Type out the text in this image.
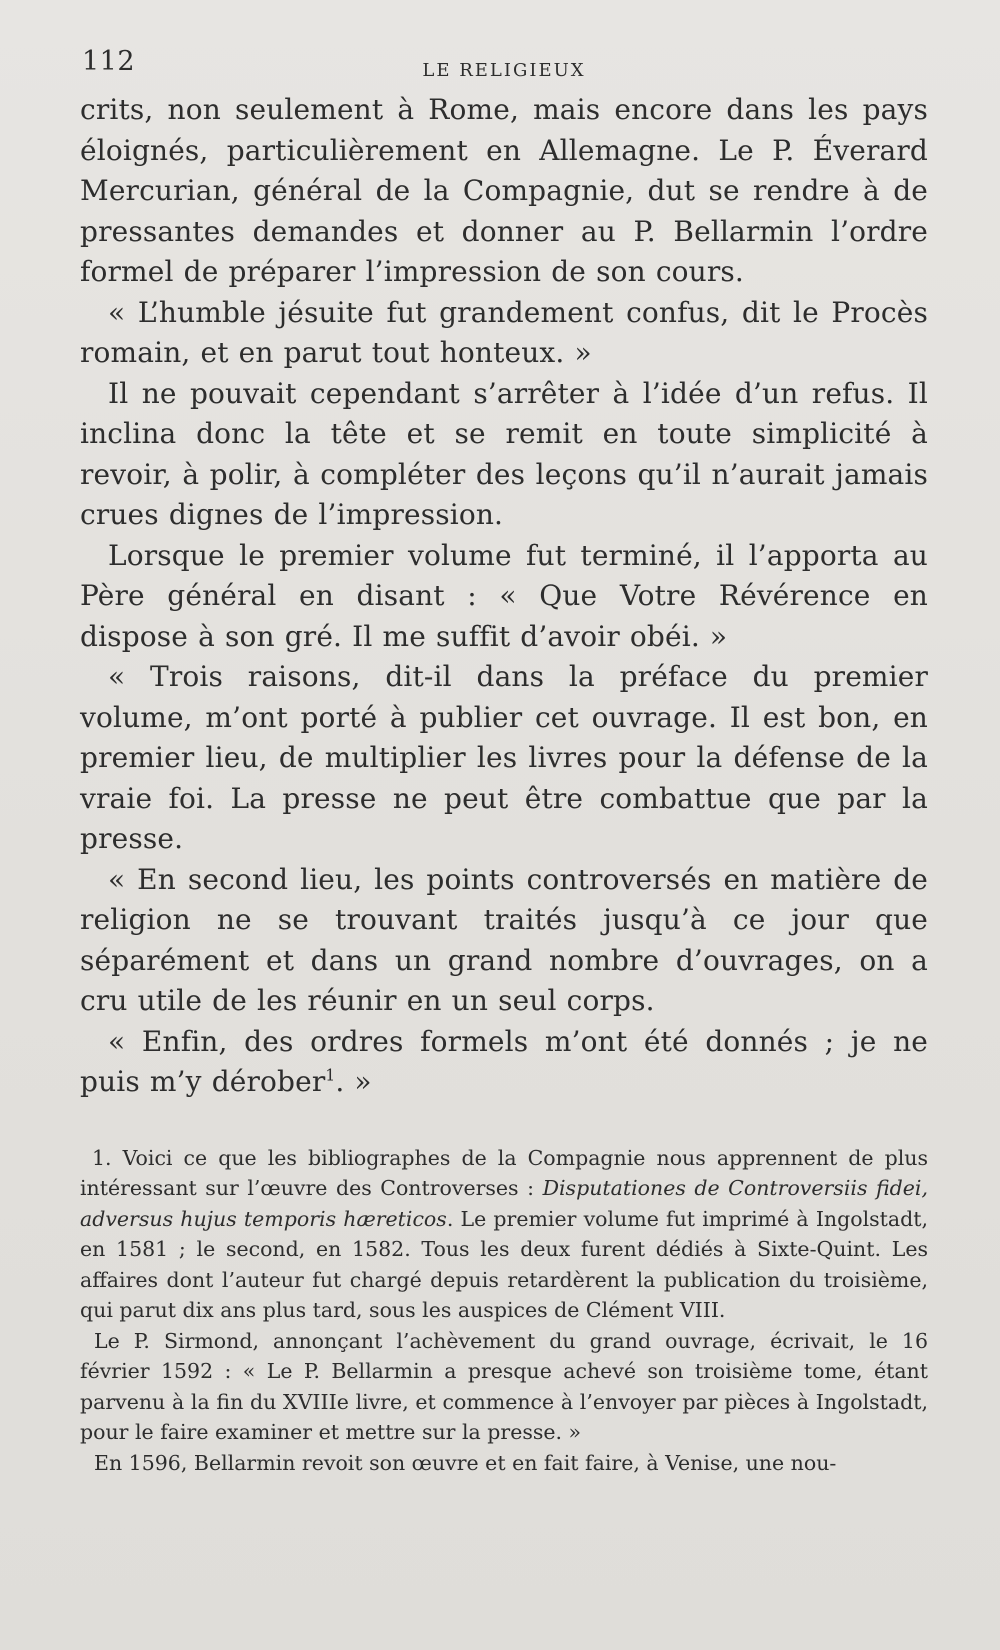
112	LE RELIGIEUX

crits, non seulement à Rome, mais encore dans les pays éloignés, particulièrement en Allemagne. Le P. Éverard Mercurian, général de la Compagnie, dut se rendre à de pressantes demandes et donner au P. Bellarmin l’ordre formel de préparer l’impression de son cours.

« L’humble jésuite fut grandement confus, dit le Procès romain, et en parut tout honteux. »

Il ne pouvait cependant s’arrêter à l’idée d’un refus. Il inclina donc la tête et se remit en toute simplicité à revoir, à polir, à compléter des leçons qu’il n’aurait jamais crues dignes de l’impression.

Lorsque le premier volume fut terminé, il l’apporta au Père général en disant : « Que Votre Révérence en dispose à son gré. Il me suffit d’avoir obéi. »

« Trois raisons, dit-il dans la préface du premier volume, m’ont porté à publier cet ouvrage. Il est bon, en premier lieu, de multiplier les livres pour la défense de la vraie foi. La presse ne peut être combattue que par la presse.

« En second lieu, les points controversés en matière de religion ne se trouvant traités jusqu’à ce jour que séparément et dans un grand nombre d’ouvrages, on a cru utile de les réunir en un seul corps.

« Enfin, des ordres formels m’ont été donnés ; je ne puis m’y dérober$^1$. »

1. Voici ce que les bibliographes de la Compagnie nous apprennent de plus intéressant sur l’œuvre des Controverses : Disputationes de Controversiis fidei, adversus hujus temporis hæreticos. Le premier volume fut imprimé à Ingolstadt, en 1581 ; le second, en 1582. Tous les deux furent dédiés à Sixte-Quint. Les affaires dont l’auteur fut chargé depuis retardèrent la publication du troisième, qui parut dix ans plus tard, sous les auspices de Clément VIII.

Le P. Sirmond, annonçant l’achèvement du grand ouvrage, écrivait, le 16 février 1592 : « Le P. Bellarmin a presque achevé son troisième tome, étant parvenu à la fin du XVIIIe livre, et commence à l’envoyer par pièces à Ingolstadt, pour le faire examiner et mettre sur la presse. »

En 1596, Bellarmin revoit son œuvre et en fait faire, à Venise, une nou-
